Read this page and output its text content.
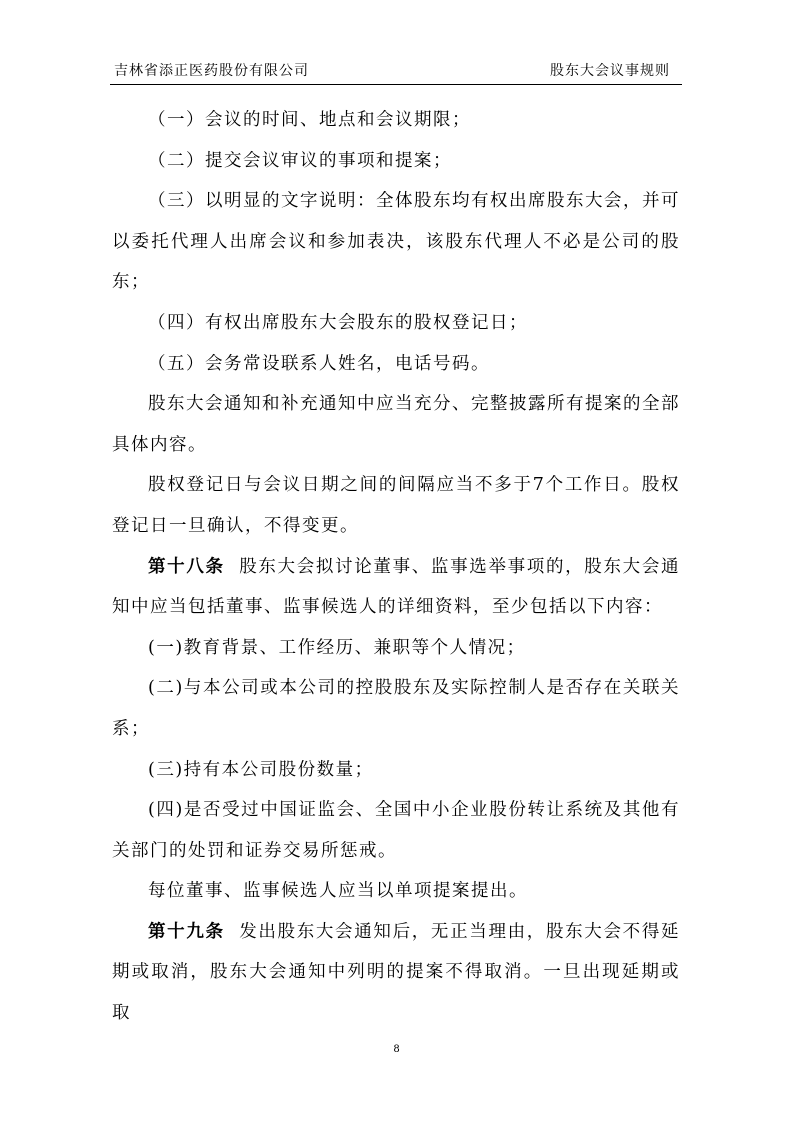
吉林省添正医药股份有限公司	股东大会议事规则

（一）会议的时间、地点和会议期限；

（二）提交会议审议的事项和提案；

（三）以明显的文字说明：全体股东均有权出席股东大会，并可以委托代理人出席会议和参加表决，该股东代理人不必是公司的股东；

（四）有权出席股东大会股东的股权登记日；

（五）会务常设联系人姓名，电话号码。

股东大会通知和补充通知中应当充分、完整披露所有提案的全部具体内容。

股权登记日与会议日期之间的间隔应当不多于7个工作日。股权登记日一旦确认，不得变更。

第十八条 股东大会拟讨论董事、监事选举事项的，股东大会通知中应当包括董事、监事候选人的详细资料，至少包括以下内容：

(一)教育背景、工作经历、兼职等个人情况；

(二)与本公司或本公司的控股股东及实际控制人是否存在关联关系；

(三)持有本公司股份数量；

(四)是否受过中国证监会、全国中小企业股份转让系统及其他有关部门的处罚和证券交易所惩戒。

每位董事、监事候选人应当以单项提案提出。

第十九条 发出股东大会通知后，无正当理由，股东大会不得延期或取消，股东大会通知中列明的提案不得取消。一旦出现延期或取

8
